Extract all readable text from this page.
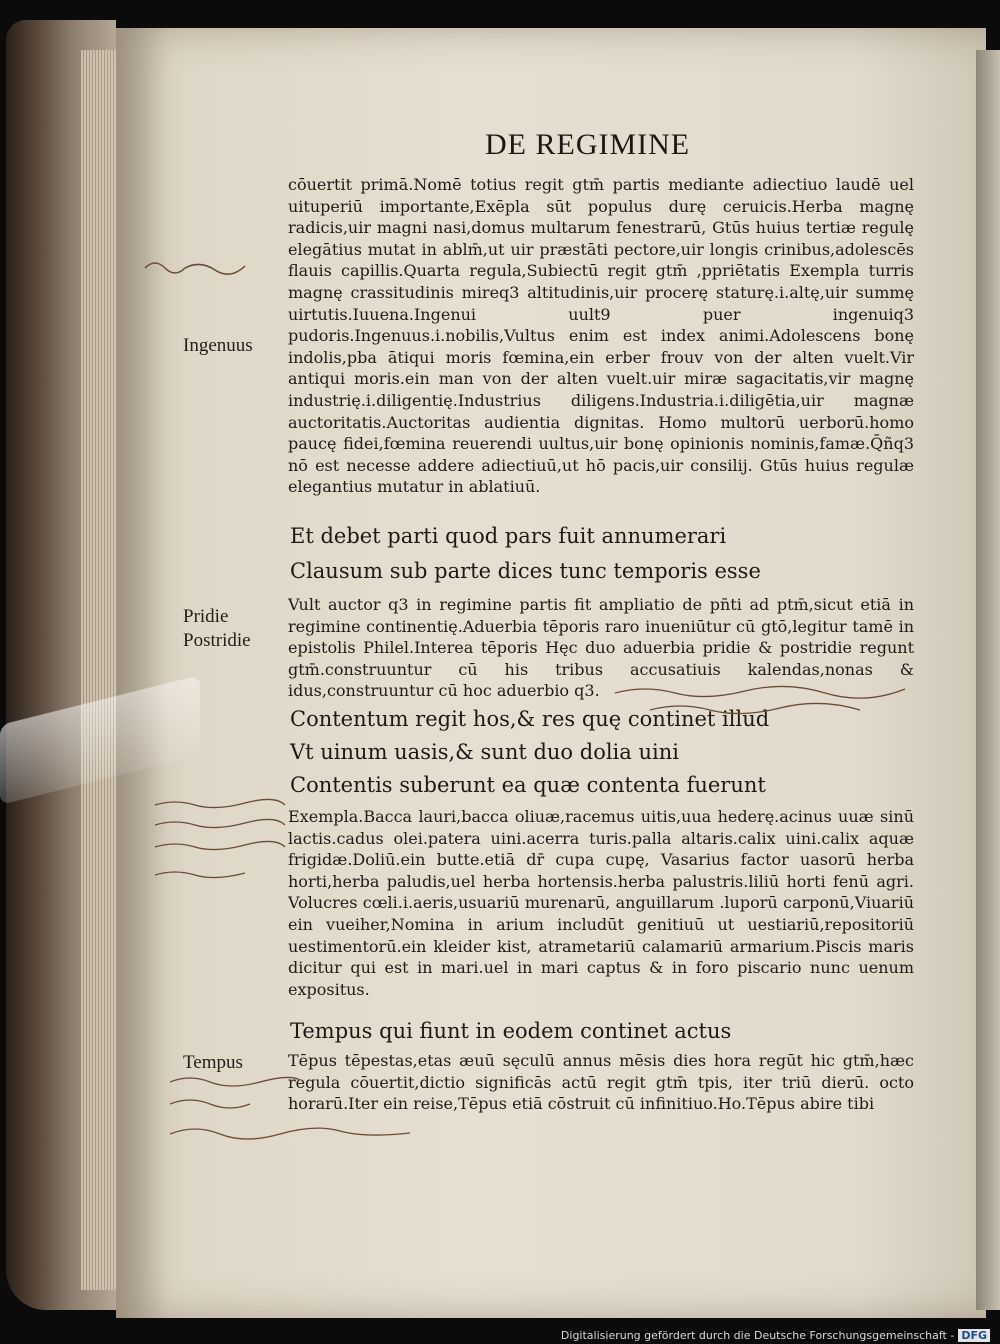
DE REGIMINE
cōuertit primā.Nomē totius regit gtm̄ partis mediante adiectiuo laudē uel uituperiū importante,Exēpla sūt populus durę ceruicis.Herba magnę radicis,uir magni nasi,domus multarum fenestrarū, Gtūs huius tertiæ regulę elegātius mutat in ablm̄,ut uir præstāti pectore,uir longis crinibus,adolescēs flauis capillis.Quarta regula,Subiectū regit gtm̄ ,ppriētatis Exempla turris magnę crassitudinis mireq3 altitudinis,uir procerę staturę.i.altę,uir summę uirtutis.Iuuena.Ingenui uult9 puer ingenuiq3 pudoris.Ingenuus.i.nobilis,Vultus enim est index animi.Adolescens bonę indolis,pba ātiqui moris fœmina,ein erber frouv von der alten vuelt.Vir antiqui moris.ein man von der alten vuelt.uir miræ sagacitatis,vir magnę industrię.i.diligentię.Industrius diligens.Industria.i.diligētia,uir magnæ auctoritatis.Auctoritas audientia dignitas. Homo multorū uerborū.homo paucę fidei,fœmina reuerendi uultus,uir bonę opinionis nominis,famæ.Q̄ñq3 nō est necesse addere adiectiuū,ut hō pacis,uir consilij. Gtūs huius regulæ elegantius mutatur in ablatiuū.
Et debet parti quod pars fuit annumerari
Clausum sub parte dices tunc temporis esse
Vult auctor q3 in regimine partis fit ampliatio de pn̄ti ad ptm̄,sicut etiā in regimine continentię.Aduerbia tēporis raro inueniūtur cū gtō,legitur tamē in epistolis Philel.Interea tēporis Hęc duo aduerbia pridie & postridie regunt gtm̄.construuntur cū his tribus accusatiuis kalendas,nonas & idus,construuntur cū hoc aduerbio q3.
Contentum regit hos,& res quę continet illud
Vt uinum uasis,& sunt duo dolia uini
Contentis suberunt ea quæ contenta fuerunt
Exempla.Bacca lauri,bacca oliuæ,racemus uitis,uua hederę.acinus uuæ sinū lactis.cadus olei.patera uini.acerra turis.palla altaris.calix uini.calix aquæ frigidæ.Doliū.ein butte.etiā dr̄ cupa cupę, Vasarius factor uasorū herba horti,herba paludis,uel herba hortensis.herba palustris.liliū horti fenū agri. Volucres cœli.i.aeris,usuariū murenarū, anguillarum .luporū carponū,Viuariū ein vueiher,Nomina in arium includūt genitiuū ut uestiariū,repositoriū uestimentorū.ein kleider kist, atrametariū calamariū armarium.Piscis maris dicitur qui est in mari.uel in mari captus & in foro piscario nunc uenum expositus.
Tempus qui fiunt in eodem continet actus
Tēpus tēpestas,etas æuū sęculū annus mēsis dies hora regūt hic gtm̄,hæc regula cōuertit,dictio significās actū regit gtm̄ tpis, iter triū dierū. octo horarū.Iter ein reise,Tēpus etiā cōstruit cū infinitiuo.Ho.Tēpus abire tibi
Ingenuus
Pridie
Postridie
Tempus
Digitalisierung gefördert durch die Deutsche Forschungsgemeinschaft - DFG
